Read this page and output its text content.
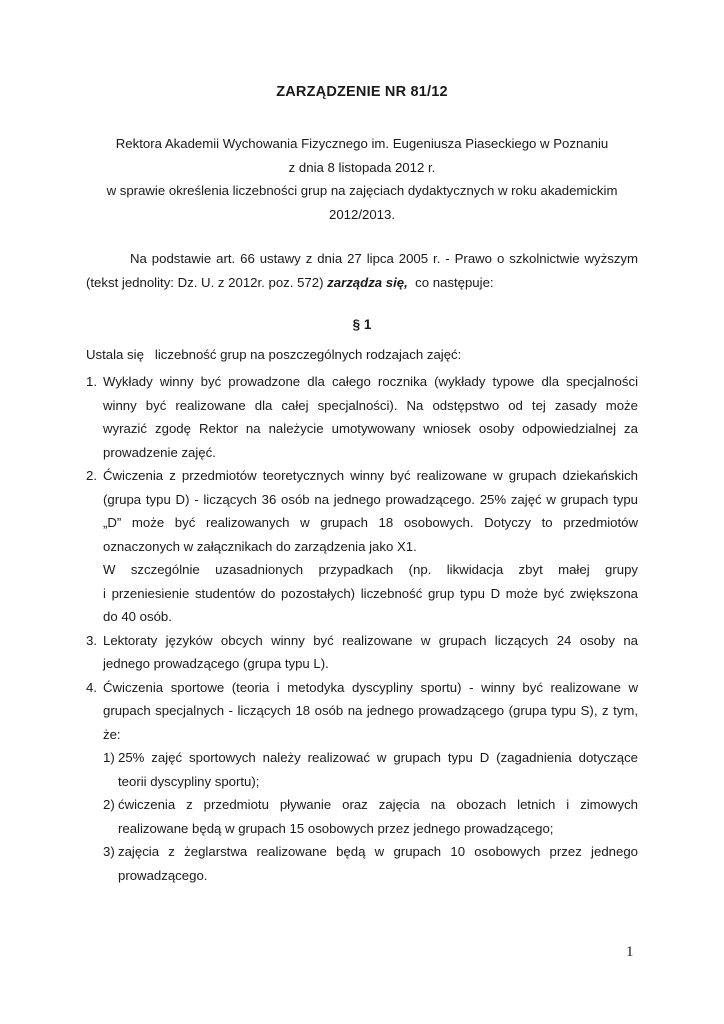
ZARZĄDZENIE NR 81/12
Rektora Akademii Wychowania Fizycznego im. Eugeniusza Piaseckiego w Poznaniu
z dnia 8 listopada 2012 r.
w sprawie określenia liczebności grup na zajęciach dydaktycznych w roku akademickim
2012/2013.
Na podstawie art. 66 ustawy z dnia 27 lipca 2005 r. - Prawo o szkolnictwie wyższym
(tekst jednolity: Dz. U. z 2012r. poz. 572) zarządza się,  co następuje:
§ 1
Ustala się   liczebność grup na poszczególnych rodzajach zajęć:
1. Wykłady winny być prowadzone dla całego rocznika (wykłady typowe dla specjalności
winny być realizowane dla całej specjalności). Na odstępstwo od tej zasady może
wyrazić zgodę Rektor na należycie umotywowany wniosek osoby odpowiedzialnej za
prowadzenie zajęć.
2. Ćwiczenia z przedmiotów teoretycznych winny być realizowane w grupach dziekańskich
(grupa typu D) - liczących 36 osób na jednego prowadzącego. 25% zajęć w grupach typu
„D” może być realizowanych w grupach 18 osobowych. Dotyczy to przedmiotów
oznaczonych w załącznikach do zarządzenia jako X1.
W szczególnie uzasadnionych przypadkach (np. likwidacja zbyt małej grupy
i przeniesienie studentów do pozostałych) liczebność grup typu D może być zwiększona
do 40 osób.
3. Lektoraty języków obcych winny być realizowane w grupach liczących 24 osoby na
jednego prowadzącego (grupa typu L).
4. Ćwiczenia sportowe (teoria i metodyka dyscypliny sportu) - winny być realizowane w
grupach specjalnych - liczących 18 osób na jednego prowadzącego (grupa typu S), z tym,
że:
1) 25% zajęć sportowych należy realizować w grupach typu D (zagadnienia dotyczące
teorii dyscypliny sportu);
2) ćwiczenia z przedmiotu pływanie oraz zajęcia na obozach letnich i zimowych
realizowane będą w grupach 15 osobowych przez jednego prowadzącego;
3) zajęcia z żeglarstwa realizowane będą w grupach 10 osobowych przez jednego
prowadzącego.
1
